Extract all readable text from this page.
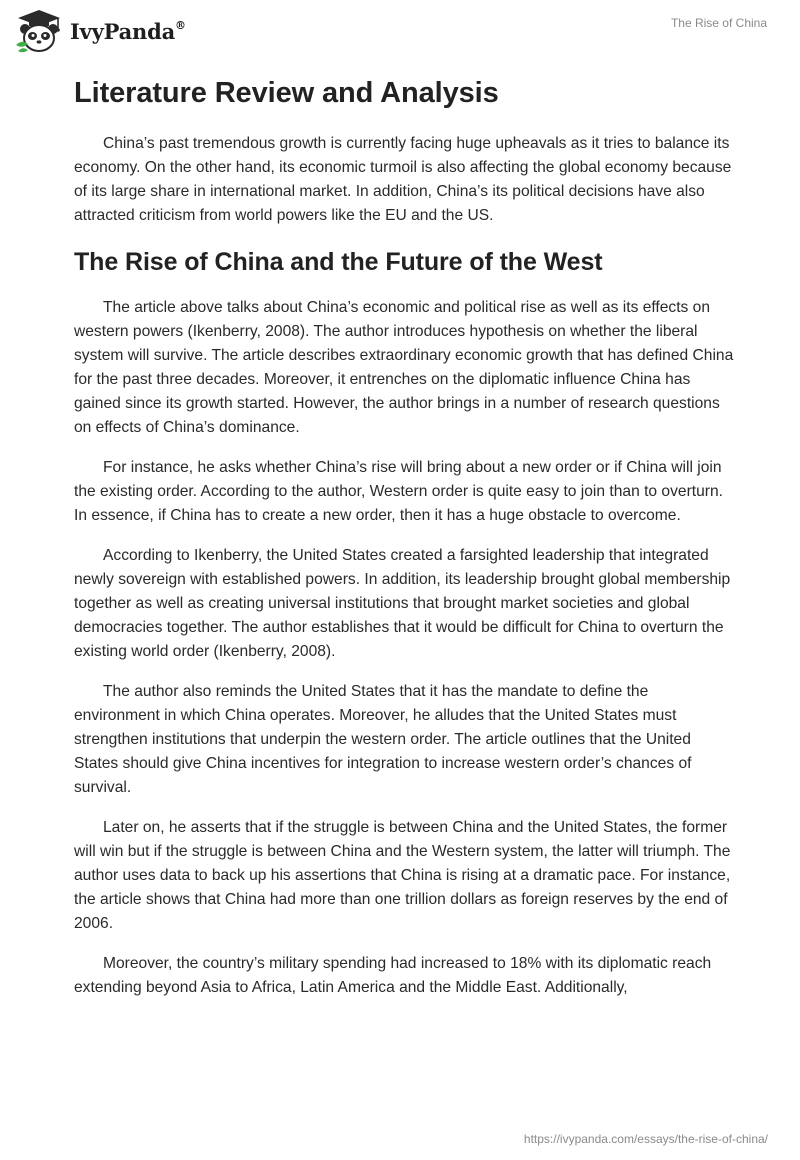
IvyPanda®	The Rise of China
Literature Review and Analysis

China’s past tremendous growth is currently facing huge upheavals as it tries to balance its economy. On the other hand, its economic turmoil is also affecting the global economy because of its large share in international market. In addition, China’s its political decisions have also attracted criticism from world powers like the EU and the US.

The Rise of China and the Future of the West

The article above talks about China’s economic and political rise as well as its effects on western powers (Ikenberry, 2008). The author introduces hypothesis on whether the liberal system will survive. The article describes extraordinary economic growth that has defined China for the past three decades. Moreover, it entrenches on the diplomatic influence China has gained since its growth started. However, the author brings in a number of research questions on effects of China’s dominance.

For instance, he asks whether China’s rise will bring about a new order or if China will join the existing order. According to the author, Western order is quite easy to join than to overturn. In essence, if China has to create a new order, then it has a huge obstacle to overcome.

According to Ikenberry, the United States created a farsighted leadership that integrated newly sovereign with established powers. In addition, its leadership brought global membership together as well as creating universal institutions that brought market societies and global democracies together. The author establishes that it would be difficult for China to overturn the existing world order (Ikenberry, 2008).

The author also reminds the United States that it has the mandate to define the environment in which China operates. Moreover, he alludes that the United States must strengthen institutions that underpin the western order. The article outlines that the United States should give China incentives for integration to increase western order’s chances of survival.

Later on, he asserts that if the struggle is between China and the United States, the former will win but if the struggle is between China and the Western system, the latter will triumph. The author uses data to back up his assertions that China is rising at a dramatic pace. For instance, the article shows that China had more than one trillion dollars as foreign reserves by the end of 2006.

Moreover, the country’s military spending had increased to 18% with its diplomatic reach extending beyond Asia to Africa, Latin America and the Middle East. Additionally,

https://ivypanda.com/essays/the-rise-of-china/
